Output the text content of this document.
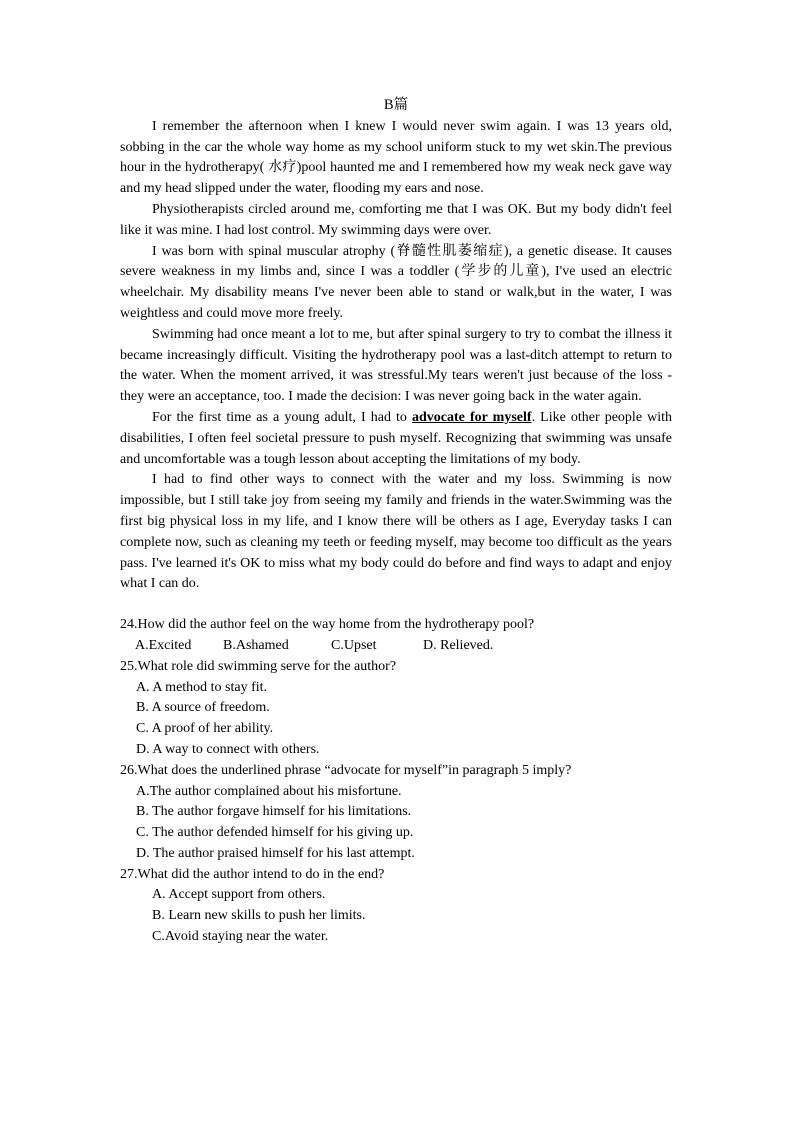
B篇

I remember the afternoon when I knew I would never swim again. I was 13 years old, sobbing in the car the whole way home as my school uniform stuck to my wet skin.The previous hour in the hydrotherapy( 水疗)pool haunted me and I remembered how my weak neck gave way and my head slipped under the water, flooding my ears and nose.

Physiotherapists circled around me, comforting me that I was OK. But my body didn't feel like it was mine. I had lost control. My swimming days were over.

I was born with spinal muscular atrophy (脊髓性肌萎缩症), a genetic disease. It causes severe weakness in my limbs and, since I was a toddler (学步的儿童), I've used an electric wheelchair. My disability means I've never been able to stand or walk,but in the water, I was weightless and could move more freely.

Swimming had once meant a lot to me, but after spinal surgery to try to combat the illness it became increasingly difficult. Visiting the hydrotherapy pool was a last-ditch attempt to return to the water. When the moment arrived, it was stressful.My tears weren't just because of the loss - they were an acceptance, too. I made the decision: I was never going back in the water again.

For the first time as a young adult, I had to advocate for myself. Like other people with disabilities, I often feel societal pressure to push myself. Recognizing that swimming was unsafe and uncomfortable was a tough lesson about accepting the limitations of my body.

I had to find other ways to connect with the water and my loss. Swimming is now impossible, but I still take joy from seeing my family and friends in the water.Swimming was the first big physical loss in my life, and I know there will be others as I age, Everyday tasks I can complete now, such as cleaning my teeth or feeding myself, may become too difficult as the years pass. I've learned it's OK to miss what my body could do before and find ways to adapt and enjoy what I can do.

24.How did the author feel on the way home from the hydrotherapy pool?

A.Excited B.Ashamed	C.Upset	D. Relieved.

25.What role did swimming serve for the author?

A. A method to stay fit.

B. A source of freedom.

C. A proof of her ability.

D. A way to connect with others.

26.What does the underlined phrase “advocate for myself”in paragraph 5 imply?

A.The author complained about his misfortune.

B. The author forgave himself for his limitations.

C. The author defended himself for his giving up.

D. The author praised himself for his last attempt.

27.What did the author intend to do in the end?

A. Accept support from others.

B. Learn new skills to push her limits.

C.Avoid staying near the water.
